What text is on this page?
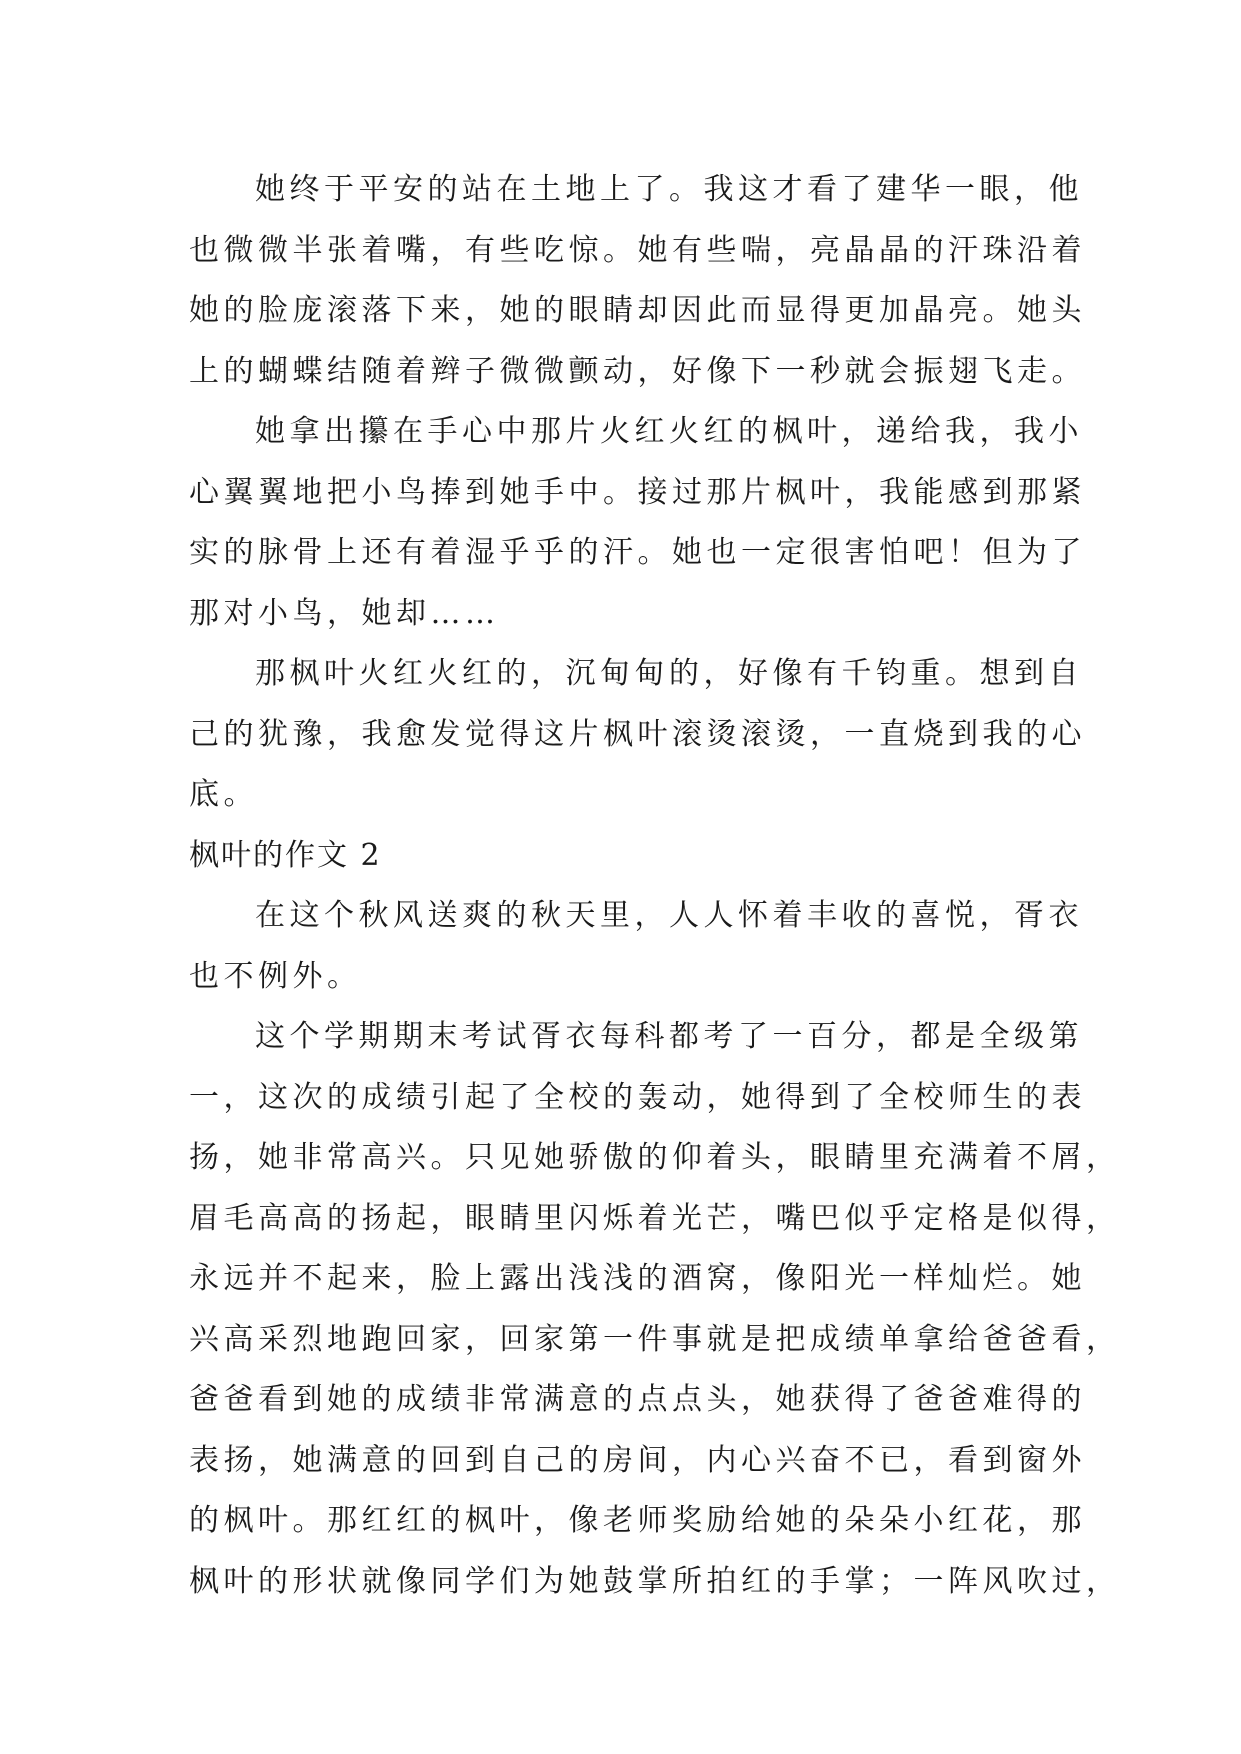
她终于平安的站在土地上了。我这才看了建华一眼，他
也微微半张着嘴，有些吃惊。她有些喘，亮晶晶的汗珠沿着
她的脸庞滚落下来，她的眼睛却因此而显得更加晶亮。她头
上的蝴蝶结随着辫子微微颤动，好像下一秒就会振翅飞走。
她拿出攥在手心中那片火红火红的枫叶，递给我，我小
心翼翼地把小鸟捧到她手中。接过那片枫叶，我能感到那紧
实的脉骨上还有着湿乎乎的汗。她也一定很害怕吧！但为了
那对小鸟，她却……
那枫叶火红火红的，沉甸甸的，好像有千钧重。想到自
己的犹豫，我愈发觉得这片枫叶滚烫滚烫，一直烧到我的心
底。
枫叶的作文 2
在这个秋风送爽的秋天里，人人怀着丰收的喜悦，胥衣
也不例外。
这个学期期末考试胥衣每科都考了一百分，都是全级第
一，这次的成绩引起了全校的轰动，她得到了全校师生的表
扬，她非常高兴。只见她骄傲的仰着头，眼睛里充满着不屑，
眉毛高高的扬起，眼睛里闪烁着光芒，嘴巴似乎定格是似得，
永远并不起来，脸上露出浅浅的酒窝，像阳光一样灿烂。她
兴高采烈地跑回家，回家第一件事就是把成绩单拿给爸爸看，
爸爸看到她的成绩非常满意的点点头，她获得了爸爸难得的
表扬，她满意的回到自己的房间，内心兴奋不已，看到窗外
的枫叶。那红红的枫叶，像老师奖励给她的朵朵小红花，那
枫叶的形状就像同学们为她鼓掌所拍红的手掌；一阵风吹过，
